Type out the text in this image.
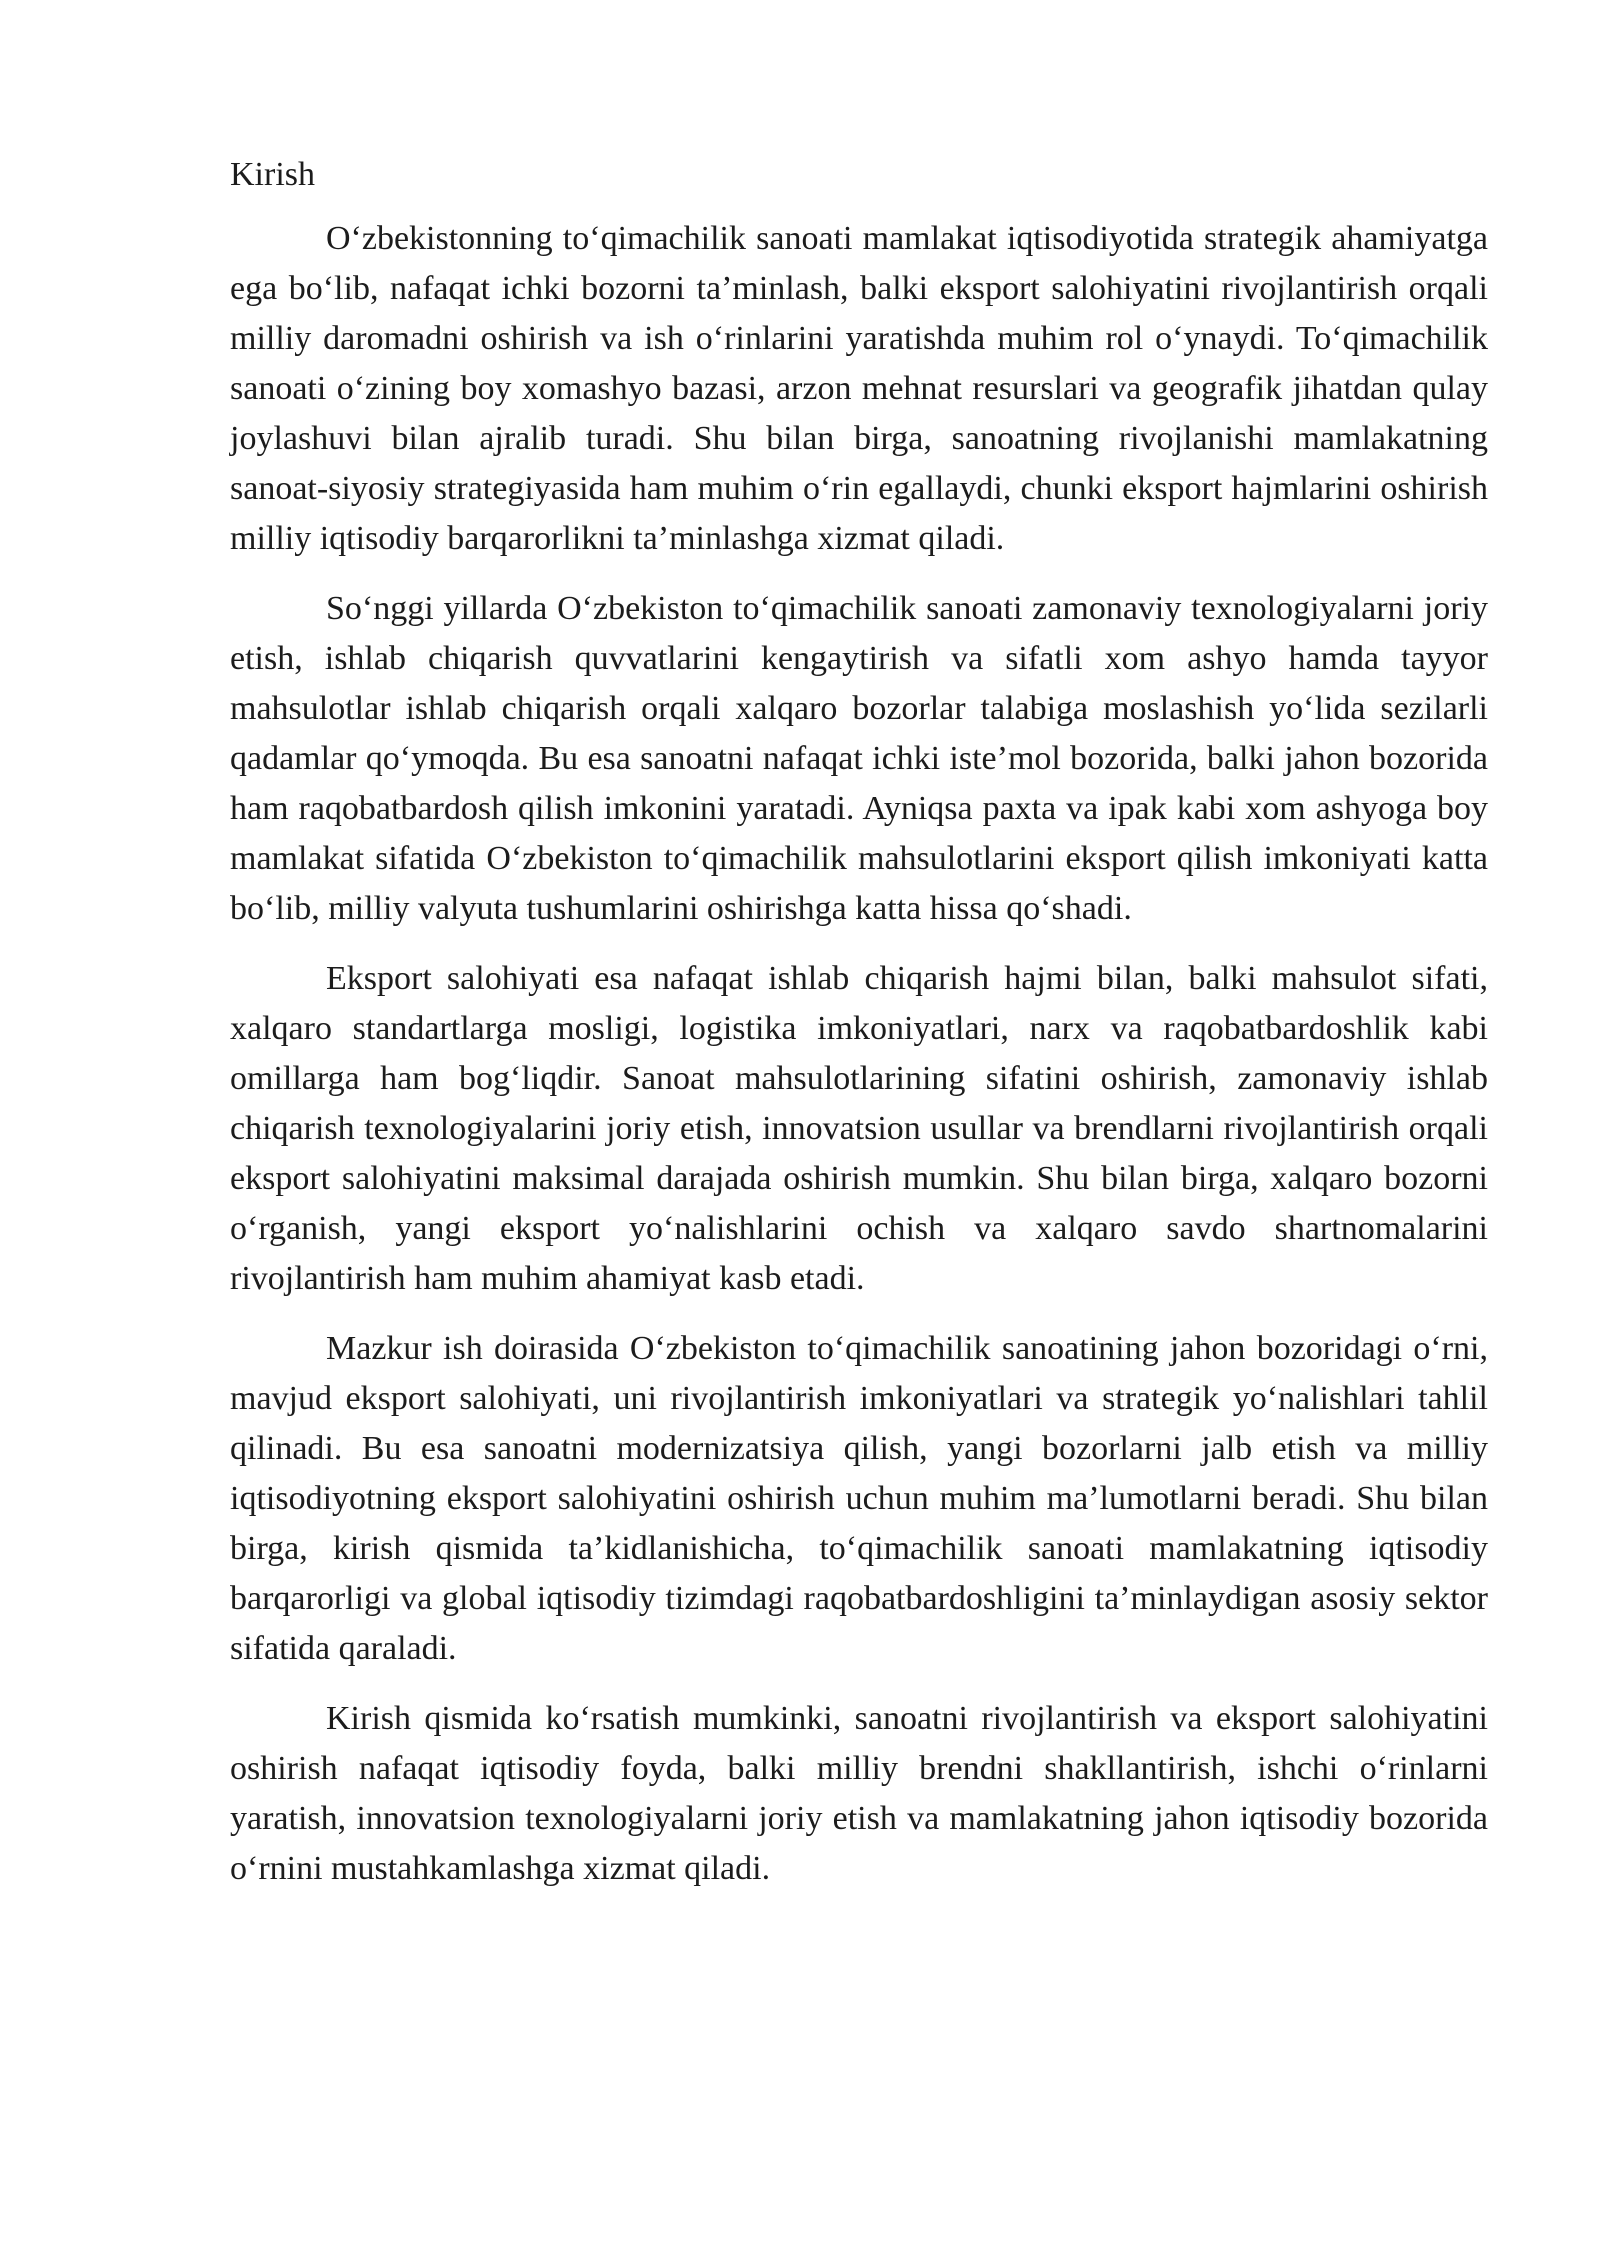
Kirish

O‘zbekistonning to‘qimachilik sanoati mamlakat iqtisodiyotida strategik ahamiyatga ega bo‘lib, nafaqat ichki bozorni ta’minlash, balki eksport salohiyatini rivojlantirish orqali milliy daromadni oshirish va ish o‘rinlarini yaratishda muhim rol o‘ynaydi. To‘qimachilik sanoati o‘zining boy xomashyo bazasi, arzon mehnat resurslari va geografik jihatdan qulay joylashuvi bilan ajralib turadi. Shu bilan birga, sanoatning rivojlanishi mamlakatning sanoat-siyosiy strategiyasida ham muhim o‘rin egallaydi, chunki eksport hajmlarini oshirish milliy iqtisodiy barqarorlikni ta’minlashga xizmat qiladi.

So‘nggi yillarda O‘zbekiston to‘qimachilik sanoati zamonaviy texnologiyalarni joriy etish, ishlab chiqarish quvvatlarini kengaytirish va sifatli xom ashyo hamda tayyor mahsulotlar ishlab chiqarish orqali xalqaro bozorlar talabiga moslashish yo‘lida sezilarli qadamlar qo‘ymoqda. Bu esa sanoatni nafaqat ichki iste’mol bozorida, balki jahon bozorida ham raqobatbardosh qilish imkonini yaratadi. Ayniqsa paxta va ipak kabi xom ashyoga boy mamlakat sifatida O‘zbekiston to‘qimachilik mahsulotlarini eksport qilish imkoniyati katta bo‘lib, milliy valyuta tushumlarini oshirishga katta hissa qo‘shadi.

Eksport salohiyati esa nafaqat ishlab chiqarish hajmi bilan, balki mahsulot sifati, xalqaro standartlarga mosligi, logistika imkoniyatlari, narx va raqobatbardoshlik kabi omillarga ham bog‘liqdir. Sanoat mahsulotlarining sifatini oshirish, zamonaviy ishlab chiqarish texnologiyalarini joriy etish, innovatsion usullar va brendlarni rivojlantirish orqali eksport salohiyatini maksimal darajada oshirish mumkin. Shu bilan birga, xalqaro bozorni o‘rganish, yangi eksport yo‘nalishlarini ochish va xalqaro savdo shartnomalarini rivojlantirish ham muhim ahamiyat kasb etadi.

Mazkur ish doirasida O‘zbekiston to‘qimachilik sanoatining jahon bozoridagi o‘rni, mavjud eksport salohiyati, uni rivojlantirish imkoniyatlari va strategik yo‘nalishlari tahlil qilinadi. Bu esa sanoatni modernizatsiya qilish, yangi bozorlarni jalb etish va milliy iqtisodiyotning eksport salohiyatini oshirish uchun muhim ma’lumotlarni beradi. Shu bilan birga, kirish qismida ta’kidlanishicha, to‘qimachilik sanoati mamlakatning iqtisodiy barqarorligi va global iqtisodiy tizimdagi raqobatbardoshligini ta’minlaydigan asosiy sektor sifatida qaraladi.

Kirish qismida ko‘rsatish mumkinki, sanoatni rivojlantirish va eksport salohiyatini oshirish nafaqat iqtisodiy foyda, balki milliy brendni shakllantirish, ishchi o‘rinlarni yaratish, innovatsion texnologiyalarni joriy etish va mamlakatning jahon iqtisodiy bozorida o‘rnini mustahkamlashga xizmat qiladi.
